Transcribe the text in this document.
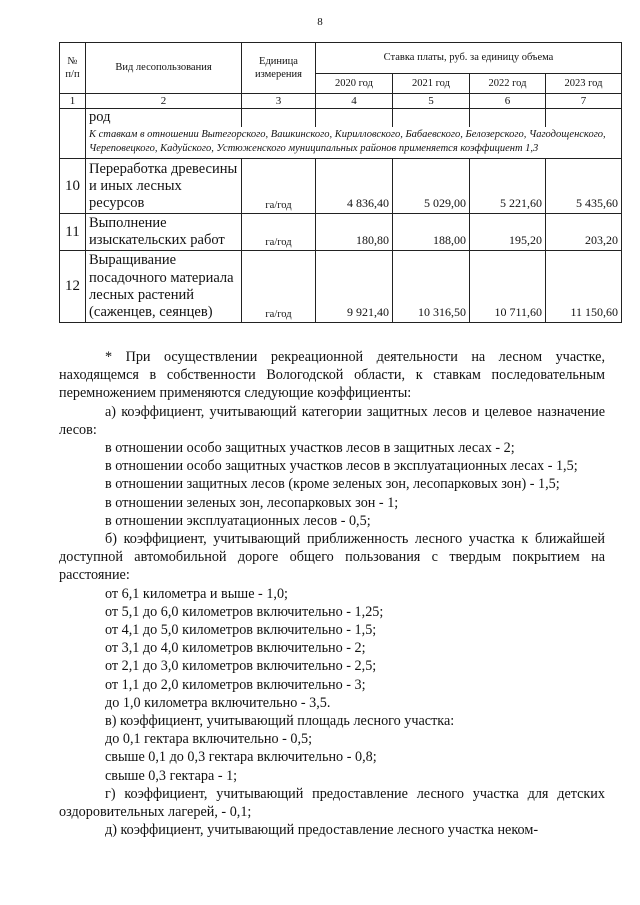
8
№ п/п	Вид лесопользования	Единица измерения	Ставка платы, руб. за единицу объема			
			2020 год	2021 год	2022 год	2023 год
1	2	3	4	5	6	7
	род					
	К ставкам в отношении Вытегорского, Вашкинского, Кирилловского, Бабаевского, Белозерского, Чагодощенского, Череповецкого, Кадуйского, Устюженского муниципальных районов применяется коэффициент 1,3					
10	Переработка древесины и иных лесных ресурсов	га/год	4 836,40	5 029,00	5 221,60	5 435,60
11	Выполнение изыскательских работ	га/год	180,80	188,00	195,20	203,20
12	Выращивание посадочного материала лесных растений (саженцев, сеянцев)	га/год	9 921,40	10 316,50	10 711,60	11 150,60

* При осуществлении рекреационной деятельности на лесном участке, находящемся в собственности Вологодской области, к ставкам последовательным перемножением применяются следующие коэффициенты:

а) коэффициент, учитывающий категории защитных лесов и целевое назначение лесов:

в отношении особо защитных участков лесов в защитных лесах - 2;

в отношении особо защитных участков лесов в эксплуатационных лесах - 1,5;

в отношении защитных лесов (кроме зеленых зон, лесопарковых зон) - 1,5;

в отношении зеленых зон, лесопарковых зон - 1;

в отношении эксплуатационных лесов - 0,5;

б) коэффициент, учитывающий приближенность лесного участка к ближайшей доступной автомобильной дороге общего пользования с твердым покрытием на расстояние:

от 6,1 километра и выше - 1,0;

от 5,1 до 6,0 километров включительно - 1,25;

от 4,1 до 5,0 километров включительно - 1,5;

от 3,1 до 4,0 километров включительно - 2;

от 2,1 до 3,0 километров включительно - 2,5;

от 1,1 до 2,0 километров включительно - 3;

до 1,0 километра включительно - 3,5.

в) коэффициент, учитывающий площадь лесного участка:

до 0,1 гектара включительно - 0,5;

свыше 0,1 до 0,3 гектара включительно - 0,8;

свыше 0,3 гектара - 1;

г) коэффициент, учитывающий предоставление лесного участка для детских оздоровительных лагерей, - 0,1;

д) коэффициент, учитывающий предоставление лесного участка неком-
